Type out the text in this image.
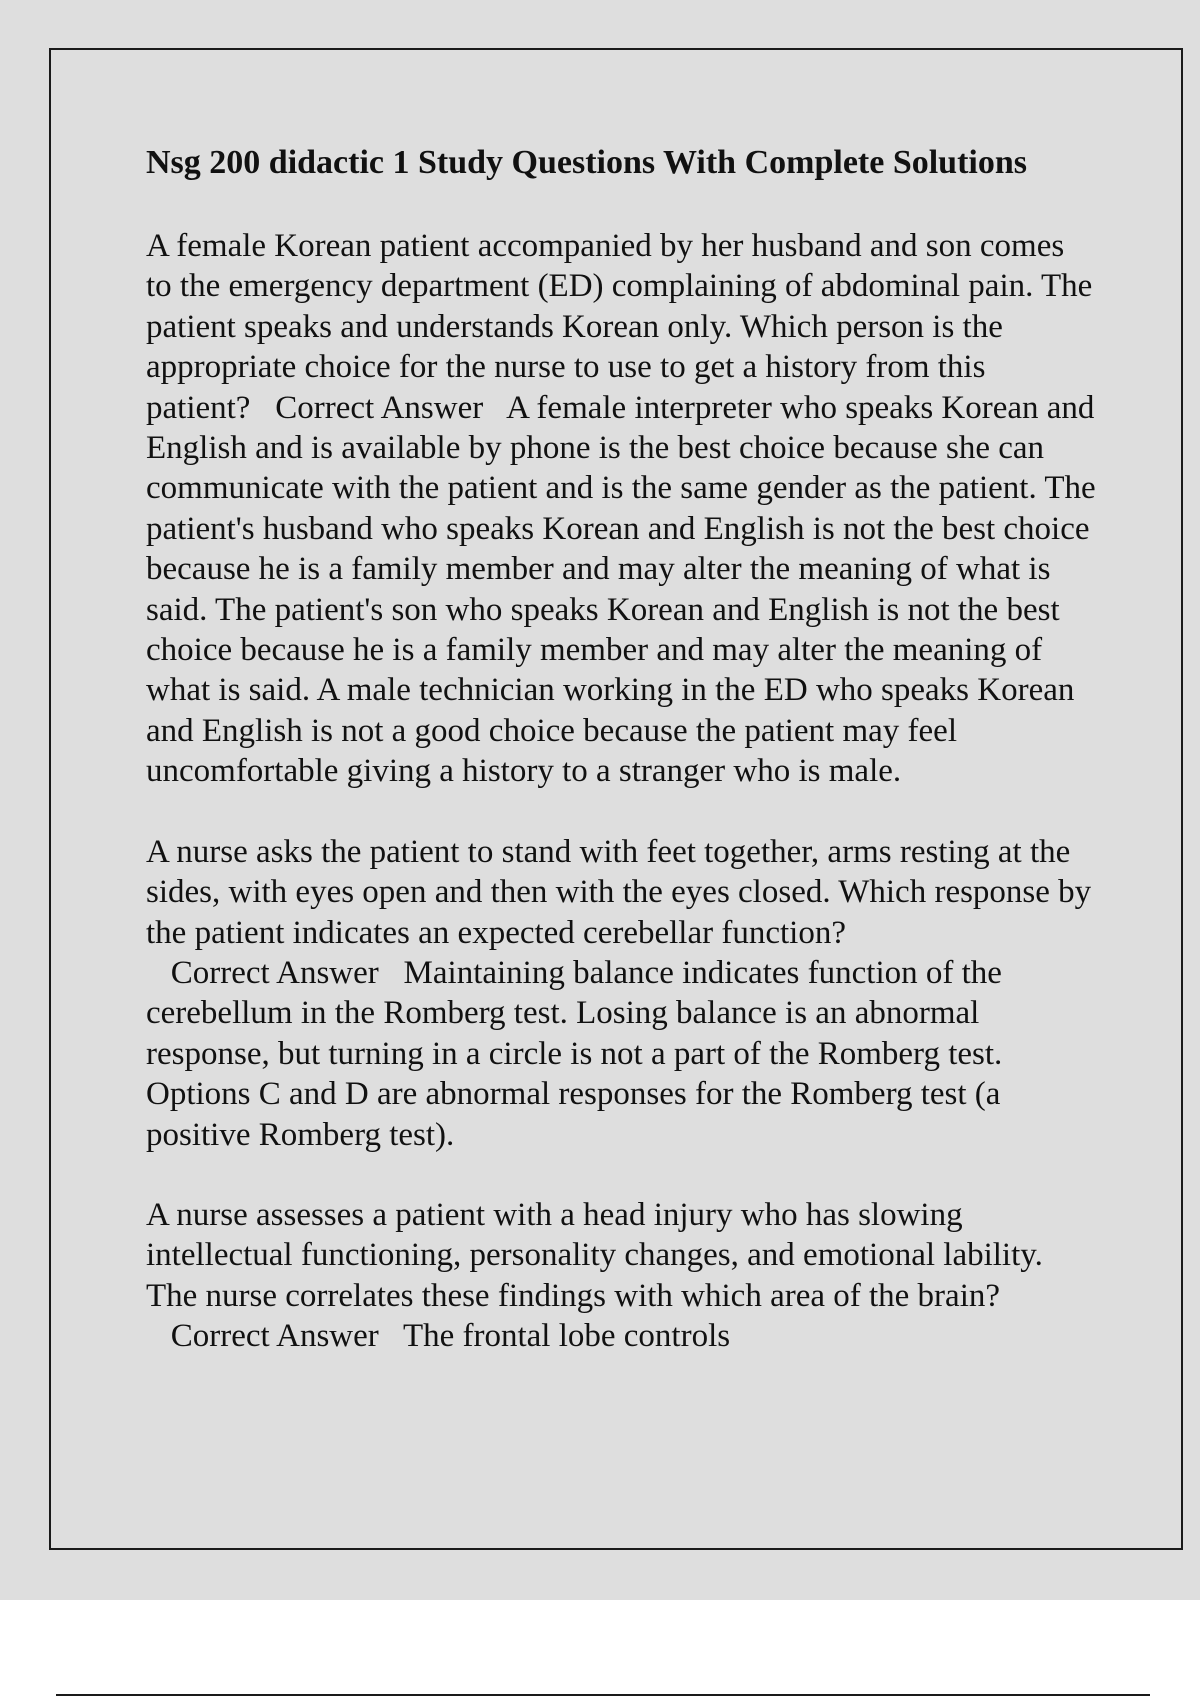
Nsg 200 didactic 1 Study Questions With Complete Solutions

A female Korean patient accompanied by her husband and son comes to the emergency department (ED) complaining of abdominal pain. The patient speaks and understands Korean only. Which person is the appropriate choice for the nurse to use to get a history from this patient? Correct Answer A female interpreter who speaks Korean and English and is available by phone is the best choice because she can communicate with the patient and is the same gender as the patient. The patient's husband who speaks Korean and English is not the best choice because he is a family member and may alter the meaning of what is said. The patient's son who speaks Korean and English is not the best choice because he is a family member and may alter the meaning of what is said. A male technician working in the ED who speaks Korean and English is not a good choice because the patient may feel uncomfortable giving a history to a stranger who is male.

A nurse asks the patient to stand with feet together, arms resting at the sides, with eyes open and then with the eyes closed. Which response by the patient indicates an expected cerebellar function?   Correct Answer Maintaining balance indicates function of the cerebellum in the Romberg test. Losing balance is an abnormal response, but turning in a circle is not a part of the Romberg test. Options C and D are abnormal responses for the Romberg test (a positive Romberg test).

A nurse assesses a patient with a head injury who has slowing intellectual functioning, personality changes, and emotional lability. The nurse correlates these findings with which area of the brain?   Correct Answer The frontal lobe controls
